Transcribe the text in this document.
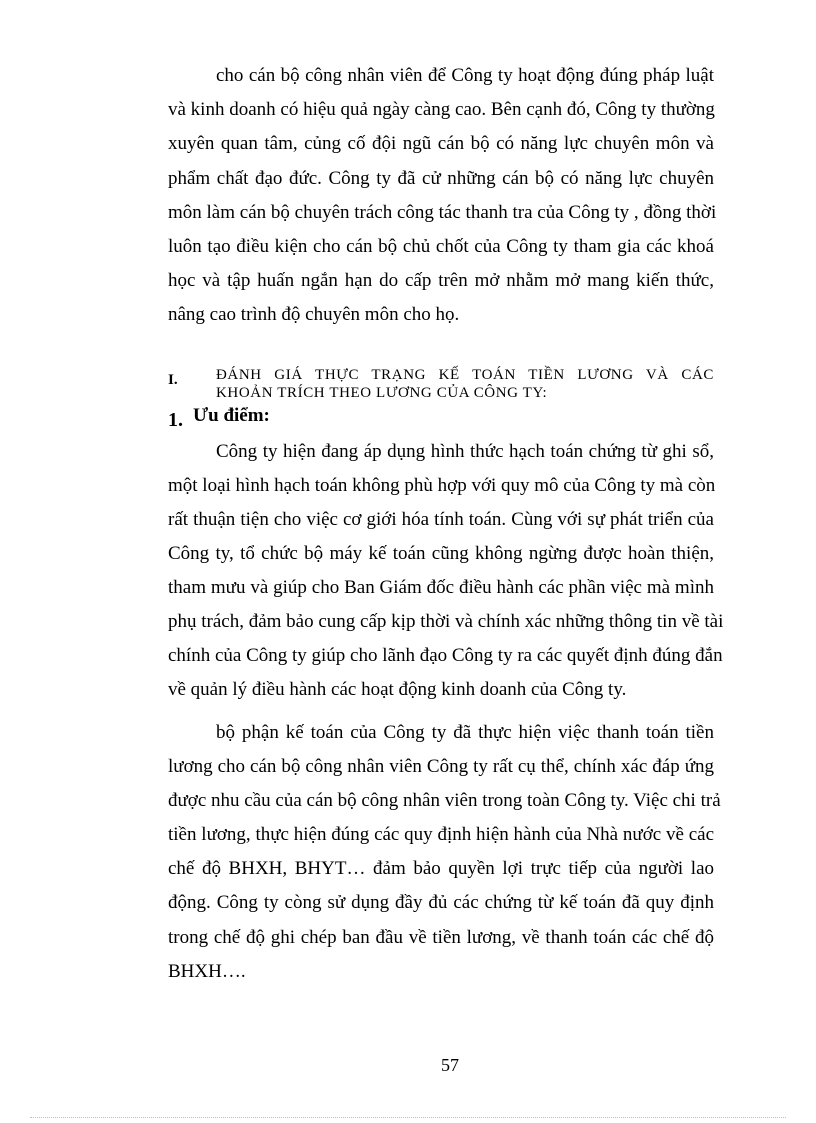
cho cán bộ công nhân viên để Công ty hoạt động đúng pháp luật
và kinh doanh có hiệu quả ngày càng cao. Bên cạnh đó, Công ty thường
xuyên quan tâm, củng cố đội ngũ cán bộ có năng lực chuyên môn và
phẩm chất đạo đức. Công ty đã cử những cán bộ có năng lực chuyên
môn làm cán bộ chuyên trách công tác thanh tra của Công ty , đồng thời
luôn tạo điều kiện cho cán bộ chủ chốt của Công ty tham gia các khoá
học và tập huấn ngắn hạn do cấp trên mở nhằm mở mang kiến thức,
nâng cao trình độ chuyên môn cho họ.
I.	ĐÁNH GIÁ THỰC TRẠNG KẾ TOÁN TIỀN LƯƠNG VÀ CÁC
KHOẢN TRÍCH THEO LƯƠNG CỦA CÔNG TY:
1. Ưu điểm:
Công ty hiện đang áp dụng hình thức hạch toán chứng từ ghi sổ,
một loại hình hạch toán không phù hợp với quy mô của Công ty mà còn
rất thuận tiện cho việc cơ giới hóa tính toán. Cùng với sự phát triển của
Công ty, tổ chức bộ máy kế toán cũng không ngừng được hoàn thiện,
tham mưu và giúp cho Ban Giám đốc điều hành các phần việc mà mình
phụ trách, đảm bảo cung cấp kịp thời và chính xác những thông tin về tài
chính của Công ty giúp cho lãnh đạo Công ty ra các quyết định đúng đắn
về quản lý điều hành các hoạt động kinh doanh của Công ty.
bộ phận kế toán của Công ty đã thực hiện việc thanh toán tiền
lương cho cán bộ công nhân viên Công ty rất cụ thể, chính xác đáp ứng
được nhu cầu của cán bộ công nhân viên trong toàn Công ty. Việc chi trả
tiền lương, thực hiện đúng các quy định hiện hành của Nhà nước về các
chế độ BHXH, BHYT… đảm bảo quyền lợi trực tiếp của người lao
động. Công ty còng sử dụng đầy đủ các chứng từ kế toán đã quy định
trong chế độ ghi chép ban đầu về tiền lương, về thanh toán các chế độ
BHXH….
57
